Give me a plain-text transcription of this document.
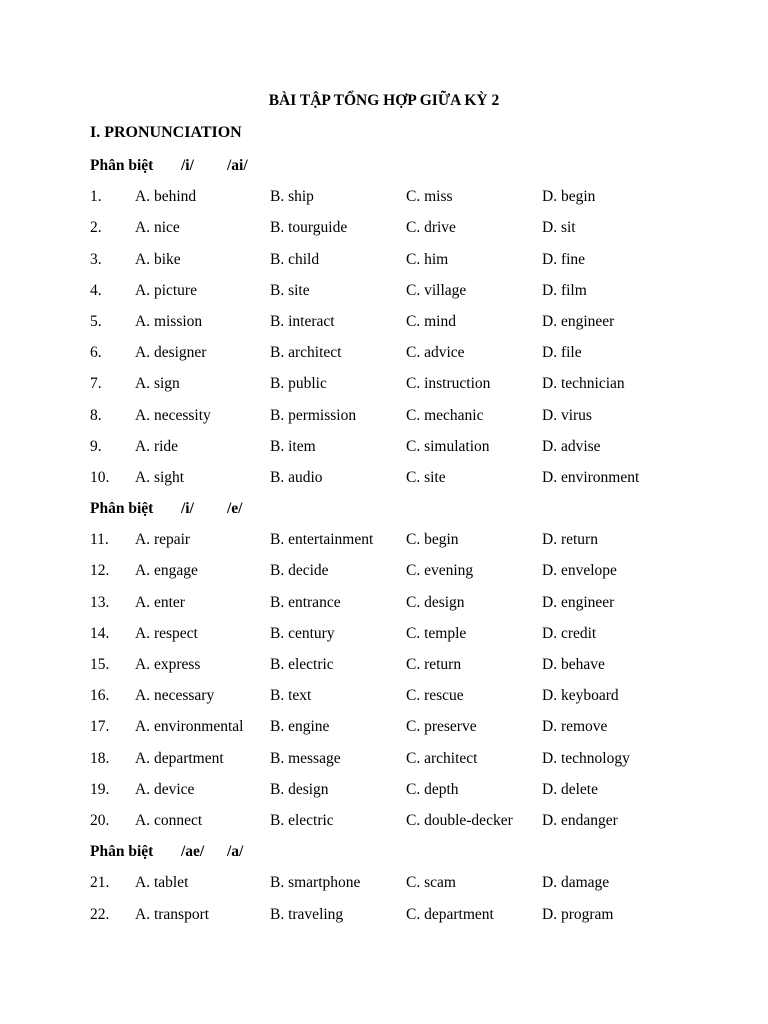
BÀI TẬP TỔNG HỢP GIỮA KỲ 2
I. PRONUNCIATION
Phân biệt /i/ /ai/
1. A. behind	B. ship	C. miss	D. begin
2. A. nice	B. tourguide	C. drive	D. sit
3. A. bike	B. child	C. him	D. fine
4. A. picture	B. site	C. village	D. film
5. A. mission	B. interact	C. mind	D. engineer
6. A. designer	B. architect	C. advice	D. file
7. A. sign	B. public	C. instruction	D. technician
8. A. necessity	B. permission	C. mechanic	D. virus
9. A. ride	B. item	C. simulation	D. advise
10. A. sight	B. audio	C. site	D. environment
Phân biệt /i/ /e/
11. A. repair	B. entertainment C. begin	D. return
12. A. engage	B. decide	C. evening	D. envelope
13. A. enter	B. entrance	C. design	D. engineer
14. A. respect	B. century	C. temple	D. credit
15. A. express	B. electric	C. return	D. behave
16. A. necessary	B. text	C. rescue	D. keyboard
17. A. environmental B. engine	C. preserve	D. remove
18. A. department	B. message	C. architect	D. technology
19. A. device	B. design	C. depth	D. delete
20. A. connect	B. electric	C. double-decker D. endanger
Phân biệt /ae/ /a/
21. A. tablet	B. smartphone	C. scam	D. damage
22. A. transport	B. traveling	C. department	D. program
